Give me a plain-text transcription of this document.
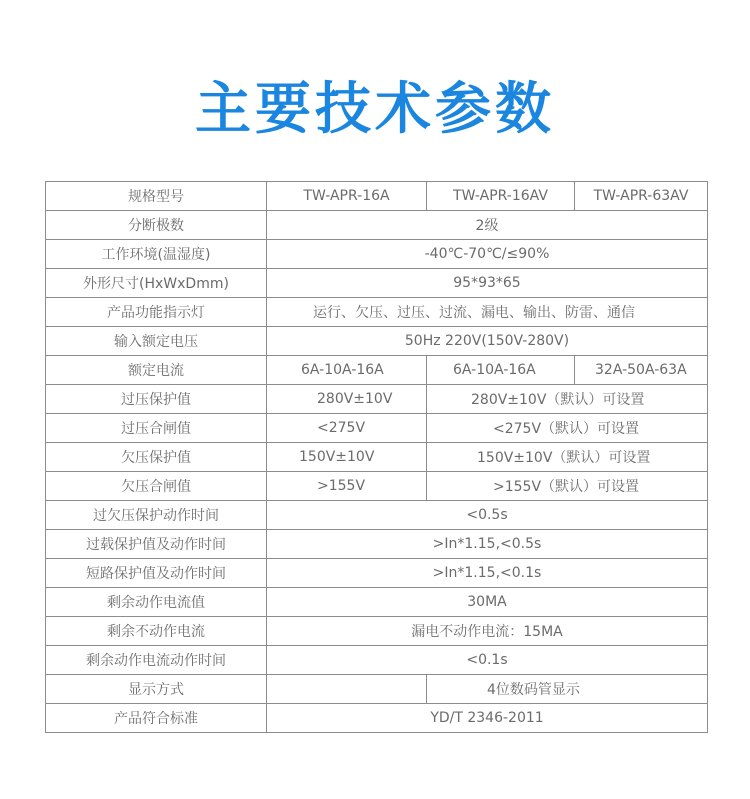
主要技术参数
规格型号	TW-APR-16A	TW-APR-16AV	TW-APR-63AV
分断极数	2级		
工作环境(温湿度)	-40℃-70℃/≤90%		
外形尺寸(HxWxDmm)	95*93*65		
产品功能指示灯	运行、欠压、过压、过流、漏电、输出、防雷、通信		
输入额定电压	50Hz 220V(150V-280V)		
额定电流	6A-10A-16A	6A-10A-16A	32A-50A-63A
过压保护值	280V±10V	280V±10V（默认）可设置	
过压合闸值	<275V	<275V（默认）可设置	
欠压保护值	150V±10V	150V±10V（默认）可设置	
欠压合闸值	>155V	>155V（默认）可设置	
过欠压保护动作时间	<0.5s		
过载保护值及动作时间	>In*1.15,<0.5s		
短路保护值及动作时间	>In*1.15,<0.1s		
剩余动作电流值	30MA		
剩余不动作电流	漏电不动作电流：15MA		
剩余动作电流动作时间	<0.1s		
显示方式		4位数码管显示	
产品符合标准	YD/T 2346-2011		
